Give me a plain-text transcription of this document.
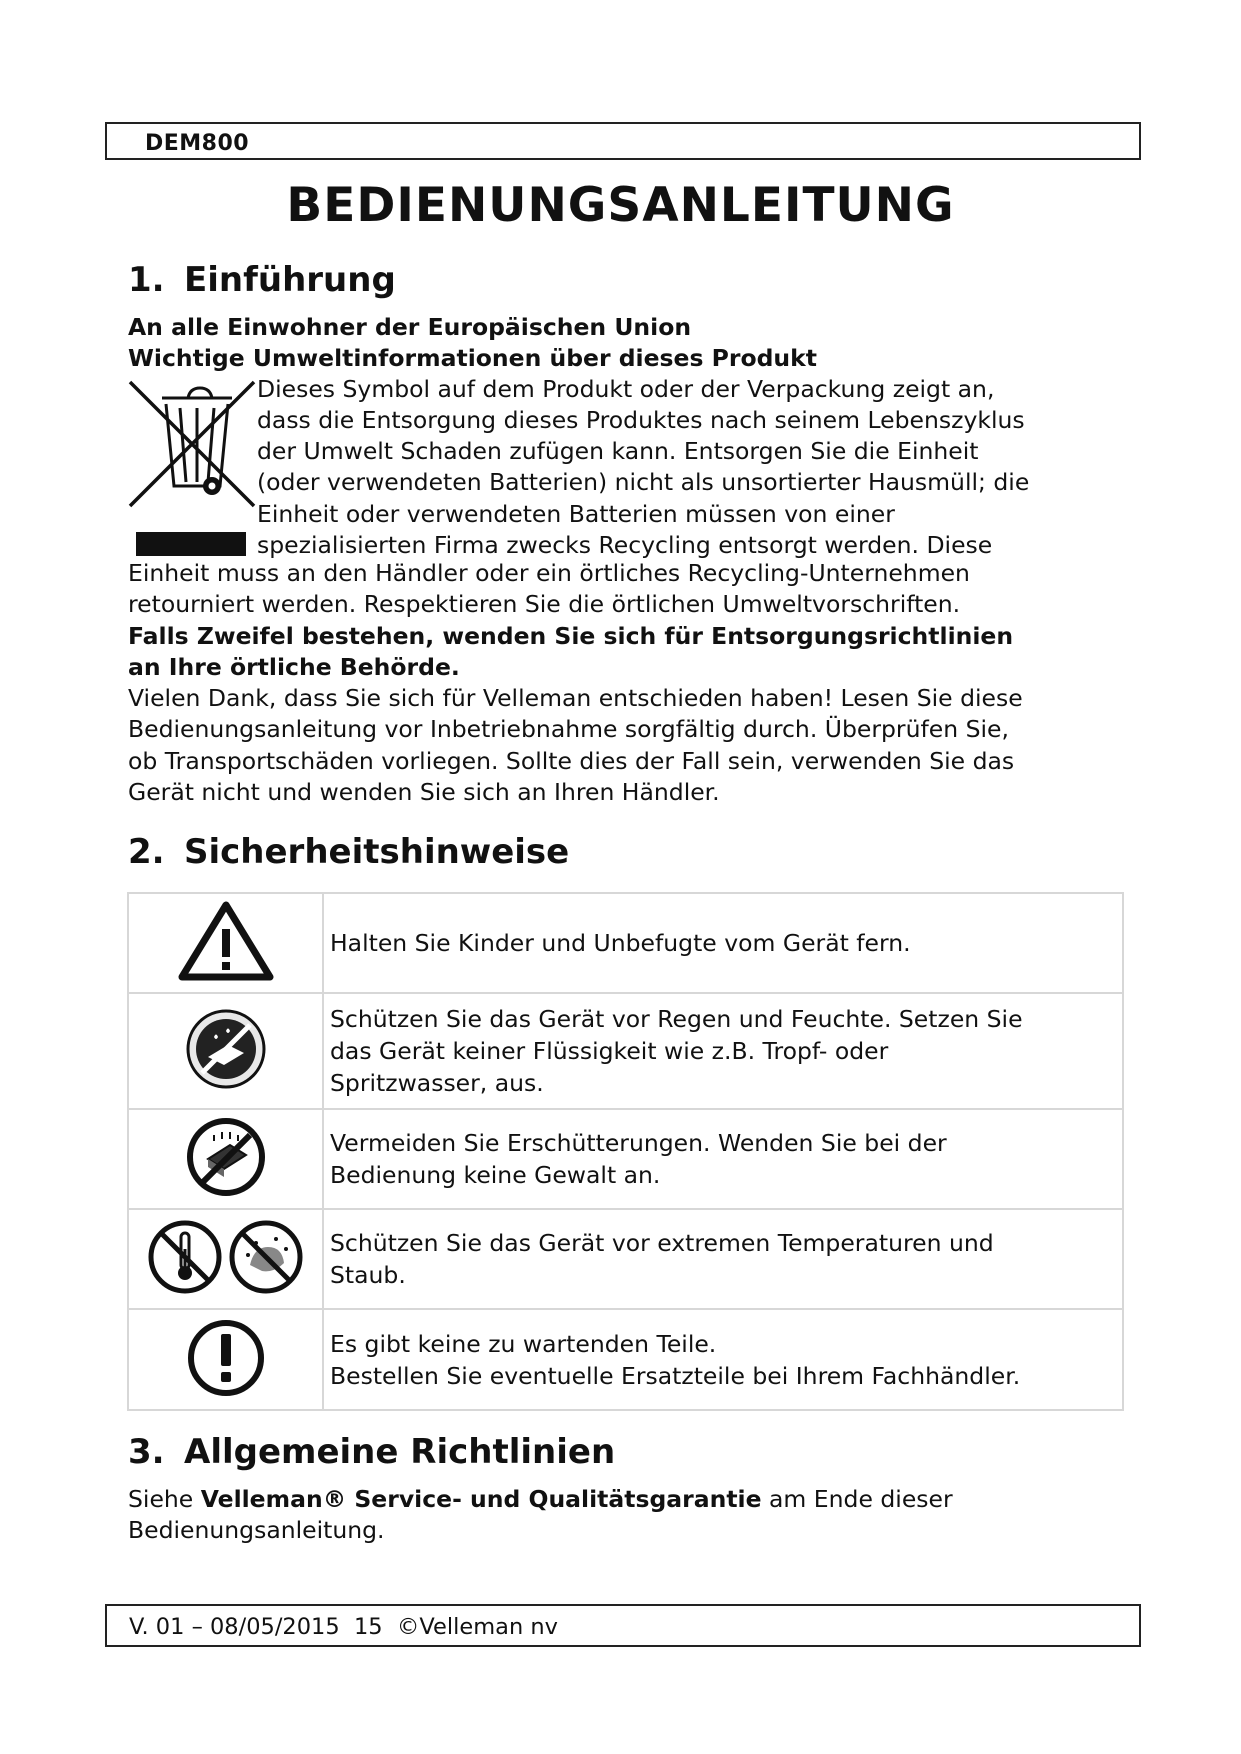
DEM800
BEDIENUNGSANLEITUNG
1. Einführung
An alle Einwohner der Europäischen Union
Wichtige Umweltinformationen über dieses Produkt
Dieses Symbol auf dem Produkt oder der Verpackung zeigt an,
dass die Entsorgung dieses Produktes nach seinem Lebenszyklus
der Umwelt Schaden zufügen kann. Entsorgen Sie die Einheit
(oder verwendeten Batterien) nicht als unsortierter Hausmüll; die
Einheit oder verwendeten Batterien müssen von einer
spezialisierten Firma zwecks Recycling entsorgt werden. Diese
Einheit muss an den Händler oder ein örtliches Recycling-Unternehmen
retourniert werden. Respektieren Sie die örtlichen Umweltvorschriften.
Falls Zweifel bestehen, wenden Sie sich für Entsorgungsrichtlinien
an Ihre örtliche Behörde.
Vielen Dank, dass Sie sich für Velleman entschieden haben! Lesen Sie diese
Bedienungsanleitung vor Inbetriebnahme sorgfältig durch. Überprüfen Sie,
ob Transportschäden vorliegen. Sollte dies der Fall sein, verwenden Sie das
Gerät nicht und wenden Sie sich an Ihren Händler.
2. Sicherheitshinweise

Halten Sie Kinder und Unbefugte vom Gerät fern.

Schützen Sie das Gerät vor Regen und Feuchte. Setzen Sie
das Gerät keiner Flüssigkeit wie z.B. Tropf- oder
Spritzwasser, aus.

Vermeiden Sie Erschütterungen. Wenden Sie bei der
Bedienung keine Gewalt an.

Schützen Sie das Gerät vor extremen Temperaturen und
Staub.

Es gibt keine zu wartenden Teile.
Bestellen Sie eventuelle Ersatzteile bei Ihrem Fachhändler.
3. Allgemeine Richtlinien
Siehe Velleman® Service- und Qualitätsgarantie am Ende dieser
Bedienungsanleitung.
V. 01 – 08/05/2015  15  ©Velleman nv
